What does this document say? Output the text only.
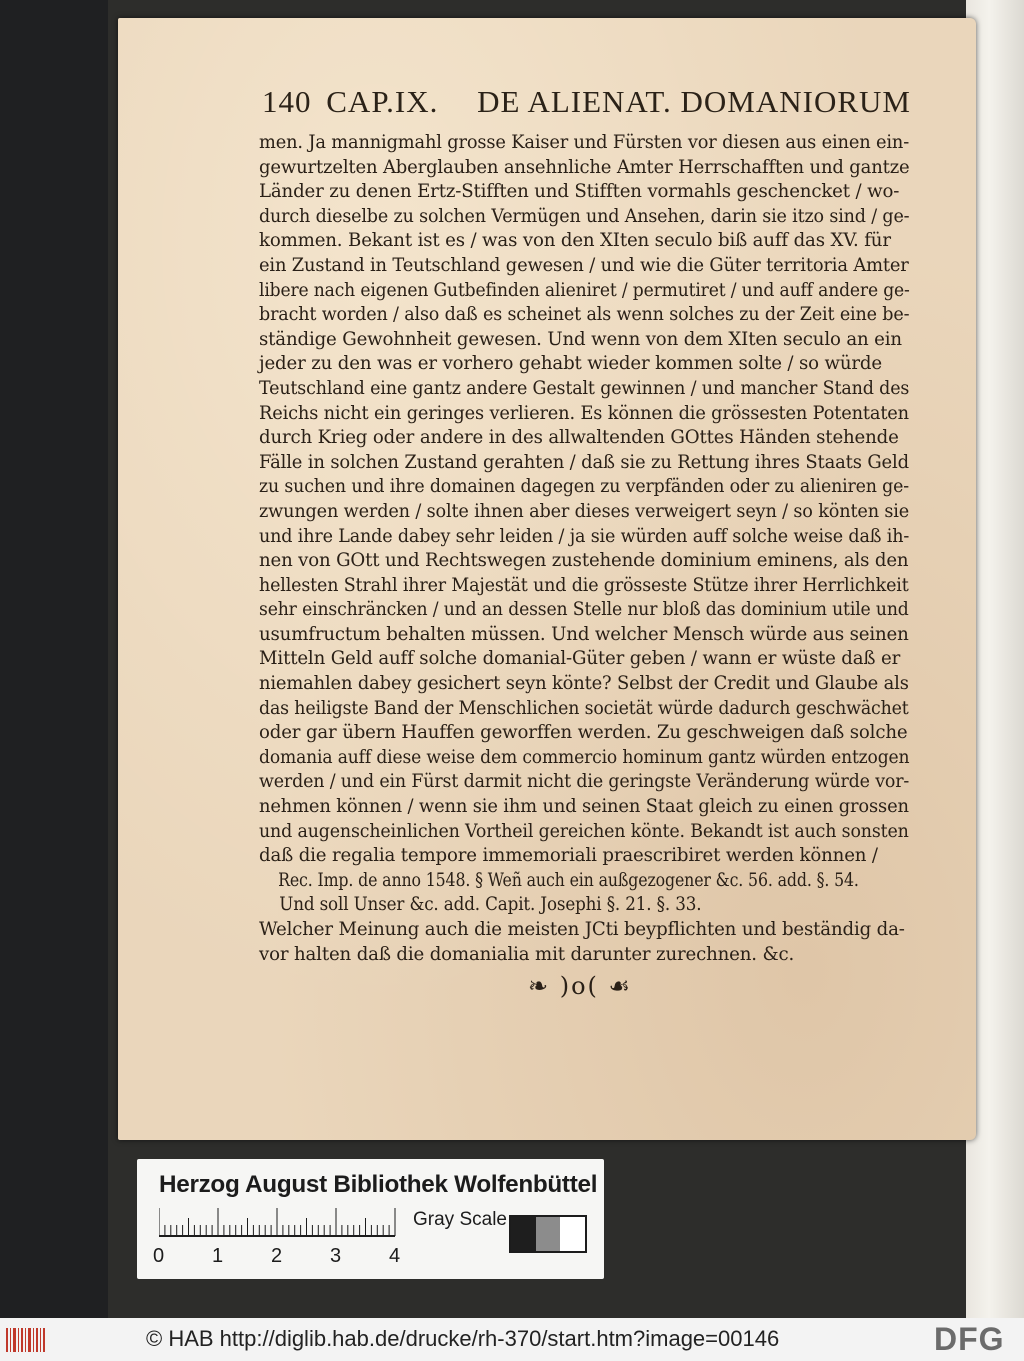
140 CAP.IX. DE ALIENAT. DOMANIORUM
men. Ja mannigmahl grosse Kaiser und Fürsten vor diesen aus einen ein-
gewurtzelten Aberglauben ansehnliche Amter Herrschafften und gantze
Länder zu denen Ertz-Stifften und Stifften vormahls geschencket / wo-
durch dieselbe zu solchen Vermügen und Ansehen, darin sie itzo sind / ge-
kommen. Bekant ist es / was von den XIten seculo biß auff das XV. für
ein Zustand in Teutschland gewesen / und wie die Güter territoria Amter
libere nach eigenen Gutbefinden alieniret / permutiret / und auff andere ge-
bracht worden / also daß es scheinet als wenn solches zu der Zeit eine be-
ständige Gewohnheit gewesen. Und wenn von dem XIten seculo an ein
jeder zu den was er vorhero gehabt wieder kommen solte / so würde
Teutschland eine gantz andere Gestalt gewinnen / und mancher Stand des
Reichs nicht ein geringes verlieren. Es können die grössesten Potentaten
durch Krieg oder andere in des allwaltenden GOttes Händen stehende
Fälle in solchen Zustand gerahten / daß sie zu Rettung ihres Staats Geld
zu suchen und ihre domainen dagegen zu verpfänden oder zu alieniren ge-
zwungen werden / solte ihnen aber dieses verweigert seyn / so könten sie
und ihre Lande dabey sehr leiden / ja sie würden auff solche weise daß ih-
nen von GOtt und Rechtswegen zustehende dominium eminens, als den
hellesten Strahl ihrer Majestät und die grösseste Stütze ihrer Herrlichkeit
sehr einschräncken / und an dessen Stelle nur bloß das dominium utile und
usumfructum behalten müssen. Und welcher Mensch würde aus seinen
Mitteln Geld auff solche domanial-Güter geben / wann er wüste daß er
niemahlen dabey gesichert seyn könte? Selbst der Credit und Glaube als
das heiligste Band der Menschlichen societät würde dadurch geschwächet
oder gar übern Hauffen geworffen werden. Zu geschweigen daß solche
domania auff diese weise dem commercio hominum gantz würden entzogen
werden / und ein Fürst darmit nicht die geringste Veränderung würde vor-
nehmen können / wenn sie ihm und seinen Staat gleich zu einen grossen
und augenscheinlichen Vortheil gereichen könte. Bekandt ist auch sonsten
daß die regalia tempore immemoriali praescribiret werden können /
Rec. Imp. de anno 1548. § Weñ auch ein außgezogener &c. 56. add. §. 54.
Und soll Unser &c. add. Capit. Josephi §. 21. §. 33.
Welcher Meinung auch die meisten JCti beypflichten und beständig da-
vor halten daß die domanialia mit darunter zurechnen. &c.
❧ )o( ☙
Herzog August Bibliothek Wolfenbüttel
0 1 2 3 4
Gray Scale
© HAB http://diglib.hab.de/drucke/rh-370/start.htm?image=00146	DFG
